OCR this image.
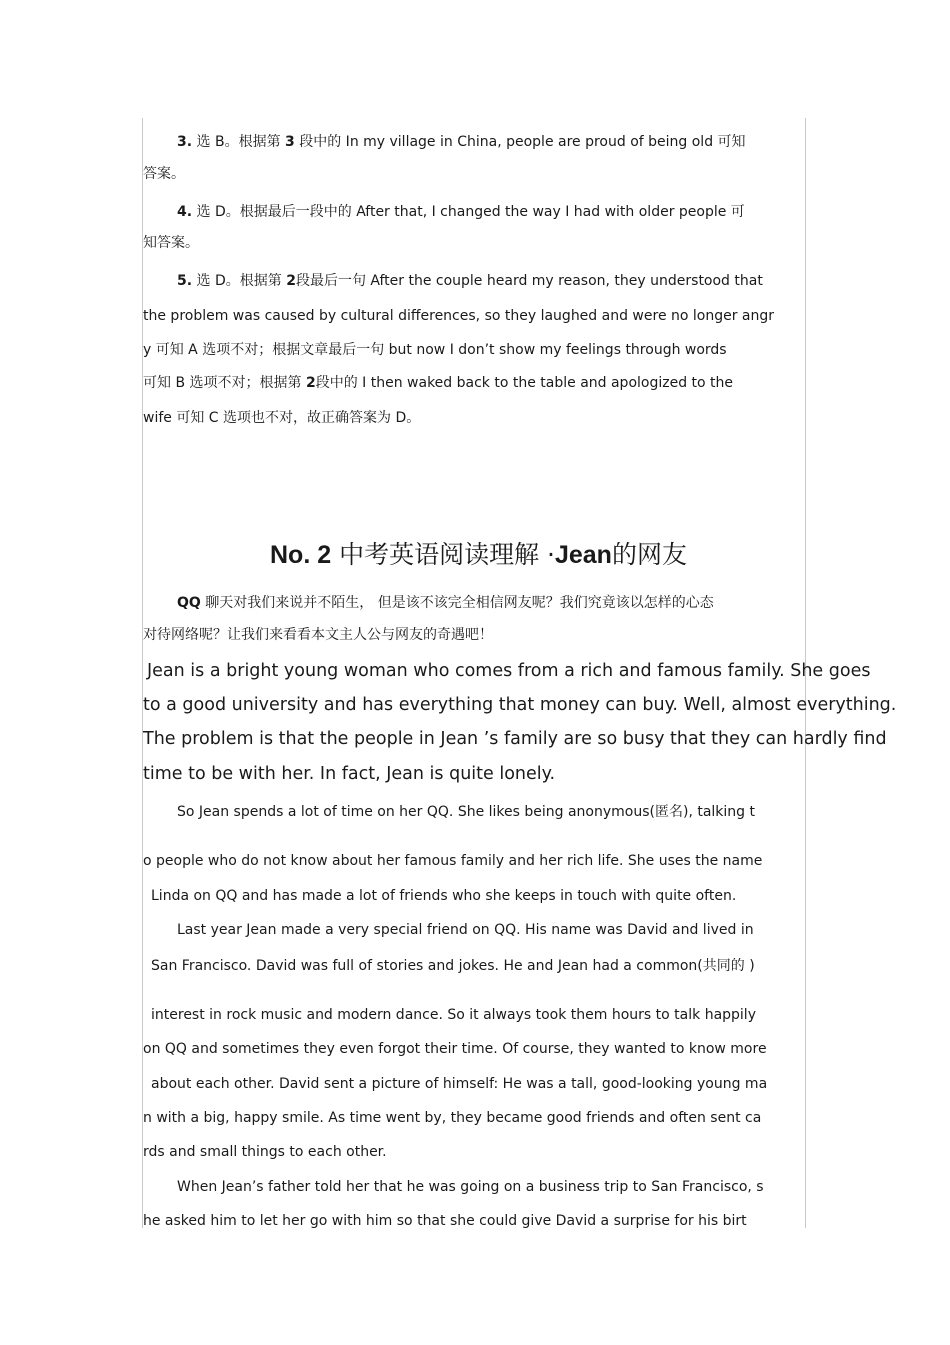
3. 选 B。根据第 3 段中的 In my village in China, people are proud of being old 可知
答案。
4. 选 D。根据最后一段中的 After that, I changed the way I had with older people 可
知答案。
5. 选 D。根据第 2段最后一句 After the couple heard my reason, they understood that
the problem was caused by cultural differences, so they laughed and were no longer angr
y 可知 A 选项不对；根据文章最后一句 but now I don’t show my feelings through words
可知 B 选项不对；根据第 2段中的 I then waked back to the table and apologized to the
wife 可知 C 选项也不对，故正确答案为 D。
No. 2 中考英语阅读理解 ·Jean的网友
QQ 聊天对我们来说并不陌生， 但是该不该完全相信网友呢？我们究竟该以怎样的心态
对待网络呢？让我们来看看本文主人公与网友的奇遇吧！
Jean is a bright young woman who comes from a rich and famous family. She goes
to a good university and has everything that money can buy. Well, almost everything.
The problem is that the people in Jean ’s family are so busy that they can hardly find
time to be with her. In fact, Jean is quite lonely.
So Jean spends a lot of time on her QQ. She likes being anonymous(匿名), talking t
o people who do not know about her famous family and her rich life. She uses the name
Linda on QQ and has made a lot of friends who she keeps in touch with quite often.
Last year Jean made a very special friend on QQ. His name was David and lived in
San Francisco. David was full of stories and jokes. He and Jean had a common(共同的 )
interest in rock music and modern dance. So it always took them hours to talk happily
on QQ and sometimes they even forgot their time. Of course, they wanted to know more
about each other. David sent a picture of himself: He was a tall, good-looking young ma
n with a big, happy smile. As time went by, they became good friends and often sent ca
rds and small things to each other.
When Jean’s father told her that he was going on a business trip to San Francisco, s
he asked him to let her go with him so that she could give David a surprise for his birt
